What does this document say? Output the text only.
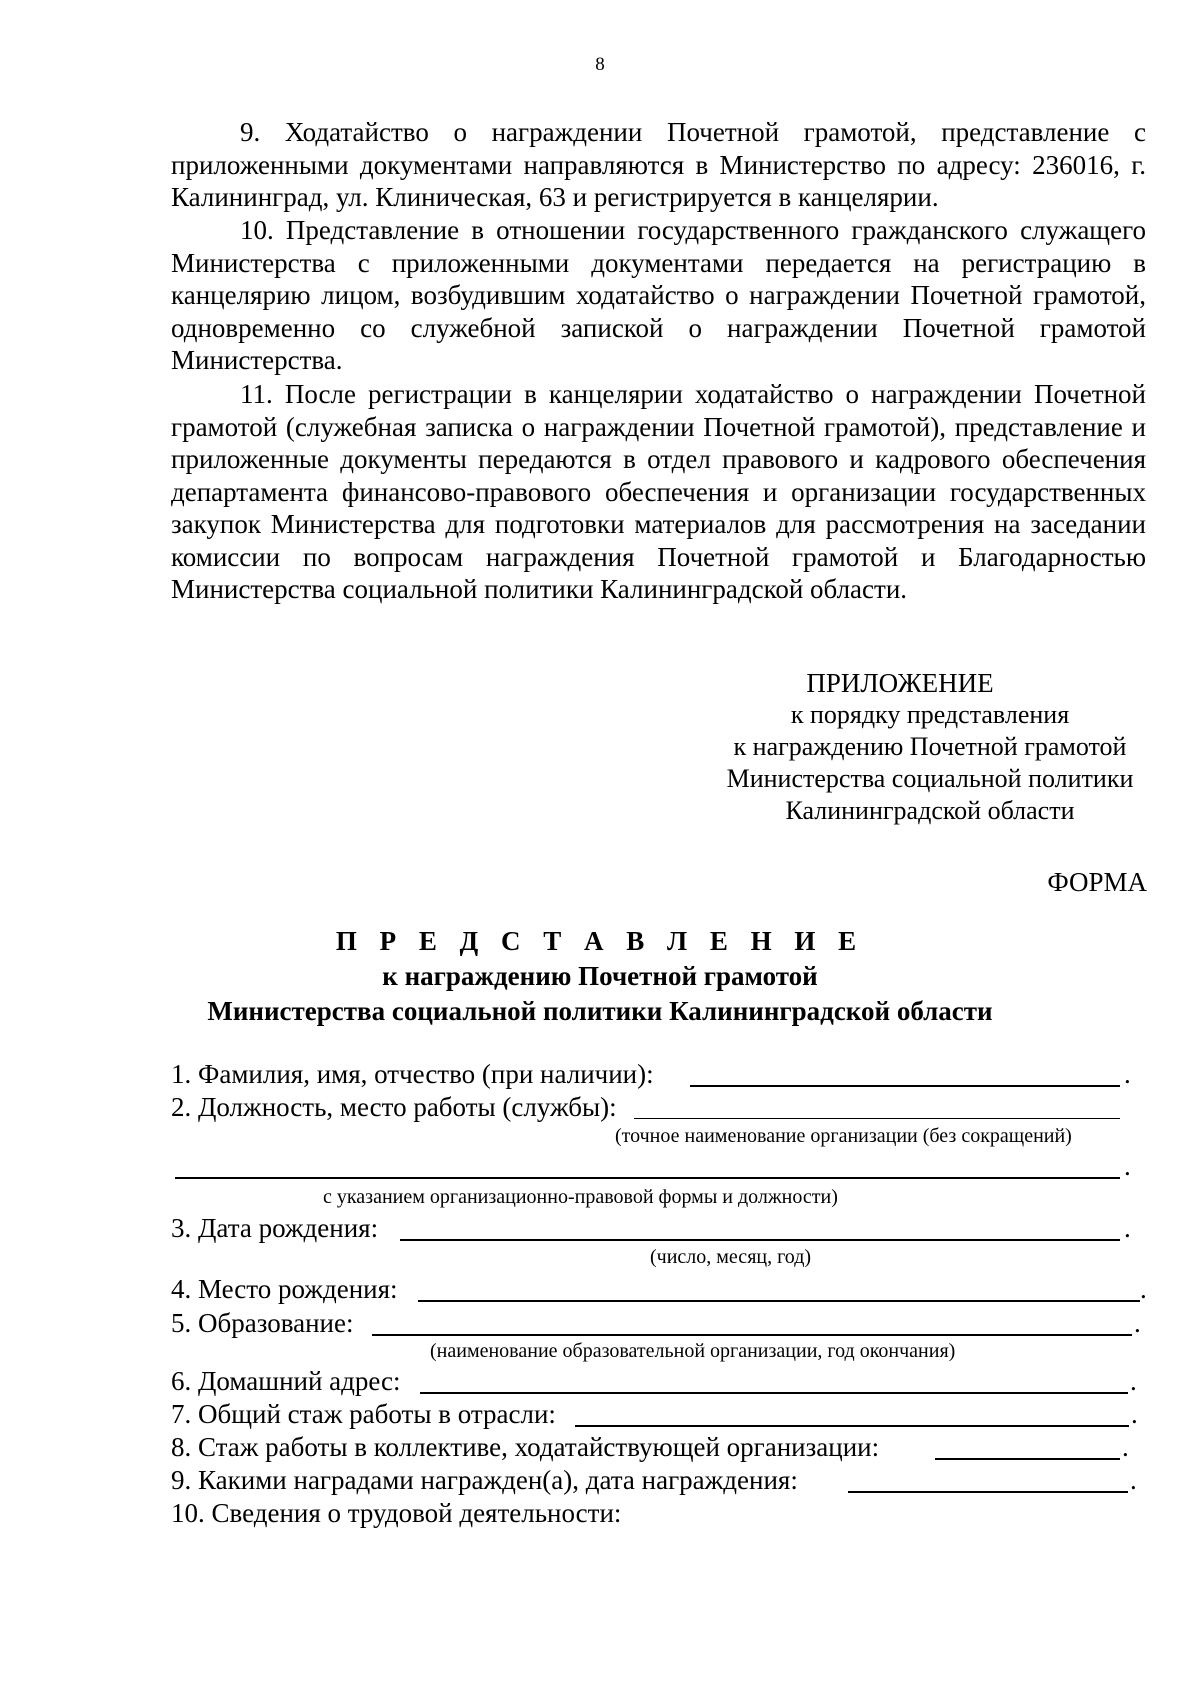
8

9. Ходатайство о награждении Почетной грамотой, представление с приложенными документами направляются в Министерство по адресу: 236016, г. Калининград, ул. Клиническая, 63 и регистрируется в канцелярии.

10. Представление в отношении государственного гражданского служащего Министерства с приложенными документами передается на регистрацию в канцелярию лицом, возбудившим ходатайство о награждении Почетной грамотой, одновременно со служебной запиской о награждении Почетной грамотой Министерства.

11. После регистрации в канцелярии ходатайство о награждении Почетной грамотой (служебная записка о награждении Почетной грамотой), представление и приложенные документы передаются в отдел правового и кадрового обеспечения департамента финансово-правового обеспечения и организации государственных закупок Министерства для подготовки материалов для рассмотрения на заседании комиссии по вопросам награждения Почетной грамотой и Благодарностью Министерства социальной политики Калининградской области.

ПРИЛОЖЕНИЕ
к порядку представления
к награждению Почетной грамотой
Министерства социальной политики
Калининградской области
ФОРМА
П Р Е Д С Т А В Л Е Н И Е
к награждению Почетной грамотой
Министерства социальной политики Калининградской области
1. Фамилия, имя, отчество (при наличии):	.
2. Должность, место работы (службы):
(точное наименование организации (без сокращений)
.
с указанием организационно-правовой формы и должности)
3. Дата рождения:	.
(число, месяц, год)
4. Место рождения:	.
5. Образование:	.
(наименование образовательной организации, год окончания)
6. Домашний адрес:	.
7. Общий стаж работы в отрасли:	.
8. Стаж работы в коллективе, ходатайствующей организации:	.
9. Какими наградами награжден(а), дата награждения:	.
10. Сведения о трудовой деятельности:
